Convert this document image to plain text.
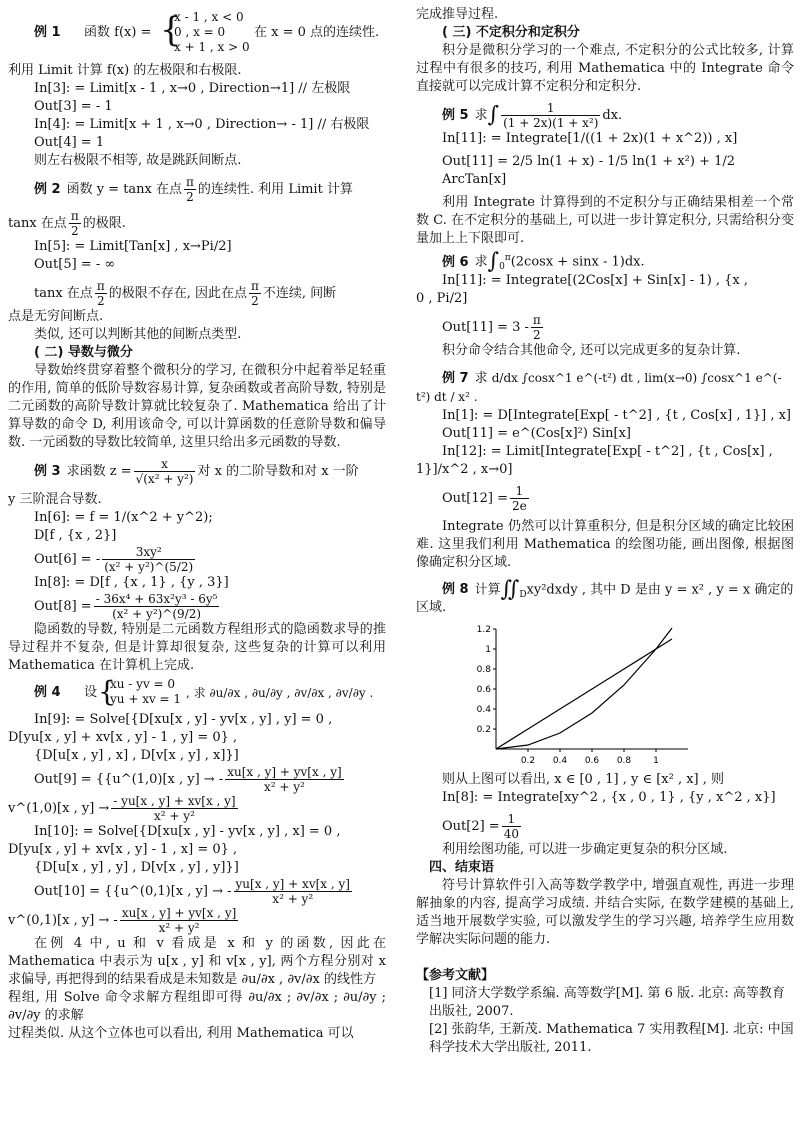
例 1 函数 f(x) = {
x - 1 , x < 0
0 , x = 0
x + 1 , x > 0
在 x = 0 点的连续性.

利用 Limit 计算 f(x) 的左极限和右极限.

In[3]: = Limit[x - 1 , x→0 , Direction→1] // 左极限

Out[3] = - 1

In[4]: = Limit[x + 1 , x→0 , Direction→ - 1] // 右极限

Out[4] = 1

则左右极限不相等, 故是跳跃间断点.

例 2 函数 y = tanx 在点 $\frac{\pi}{2}$ 的连续性. 利用 Limit 计算

tanx 在点 $\frac{\pi}{2}$ 的极限.

In[5]: = Limit[Tan[x] , x→Pi/2]

Out[5] = - ∞

tanx 在点 $\frac{\pi}{2}$ 的极限不存在, 因此在点 $\frac{\pi}{2}$ 不连续, 间断

点是无穷间断点.

类似, 还可以判断其他的间断点类型.

( 二) 导数与微分

导数始终贯穿着整个微积分的学习, 在微积分中起着举足轻重的作用, 简单的低阶导数容易计算, 复杂函数或者高阶导数, 特别是二元函数的高阶导数计算就比较复杂了. Mathematica 给出了计算导数的命令 D, 利用该命令, 可以计算函数的任意阶导数和偏导数. 一元函数的导数比较简单, 这里只给出多元函数的导数.

例 3 求函数 $z = \frac{x}{\text{√(x² + y²)}}$ 对 x 的二阶导数和对 x 一阶

y 三阶混合导数.

In[6]: = f = 1/(x^2 + y^2);

D[f , {x , 2}]

Out[6] = - $\frac{\text{3xy²}}{\text{(x² + y²)\textasciicircum{}(5/2)}}$

In[8]: = D[f , {x , 1} , {y , 3}]

$Out[8] = \frac{\text{- 36x⁴ + 63x²y³ - 6y⁵}}{\text{(x² + y²)\textasciicircum{}(9/2)}}$

隐函数的导数, 特别是二元函数方程组形式的隐函数求导的推导过程并不复杂, 但是计算却很复杂, 这些复杂的计算可以利用 Mathematica 在计算机上完成.

例 4 设 {
xu - yv = 0
yu + xv = 1 , 求 ∂u/∂x , ∂u/∂y , ∂v/∂x , ∂v/∂y .

In[9]: = Solve[{D[xu[x , y] - yv[x , y] , y] = 0 ,

D[yu[x , y] + xv[x , y] - 1 , y] = 0} ,

{D[u[x , y] , x] , D[v[x , y] , x]}]

Out[9] = {{u^(1,0)[x , y] → - $\frac{xu[x , y] + yv[x , y]}{\text{x² + y²}}$

v^(1,0)[x , $y] \to \frac{- yu[x , y] + xv[x , y]}{\text{x² + y²}}$

In[10]: = Solve[{D[xu[x , y] - yv[x , y] , x] = 0 ,

D[yu[x , y] + xv[x , y] - 1 , x] = 0} ,

{D[u[x , y] , y] , D[v[x , y] , y]}]

Out[10] = {{u^(0,1)[x , y] → - $\frac{yu[x , y] + xv[x , y]}{\text{x² + y²}}$

v^(0,1)[x , y] → - $\frac{xu[x , y] + yv[x , y]}{\text{x² + y²}}$

在例 4 中, u 和 v 看成是 x 和 y 的函数, 因此在 Mathematica 中表示为 u[x , y] 和 v[x , y], 两个方程分别对 x 求偏导, 再把得到的结果看成是未知数是 ∂u/∂x , ∂v/∂x 的线性方

程组, 用 Solve 命令求解方程组即可得 ∂u/∂x ; ∂v/∂x ; ∂u/∂y ; ∂v/∂y 的求解

过程类似. 从这个立体也可以看出, 利用 Mathematica 可以

完成推导过程.

( 三) 不定积分和定积分

积分是微积分学习的一个难点, 不定积分的公式比较多, 计算过程中有很多的技巧, 利用 Mathematica 中的 Integrate 命令直接就可以完成计算不定积分和定积分.

例 5 求∫ $\frac{1}{\text{(1 + 2x)(1 + x²)}}$ dx.

In[11]: = Integrate[1/((1 + 2x)(1 + x^2)) , x]

Out[11] = 2/5 ln(1 + x) - 1/5 ln(1 + x²) + 1/2 ArcTan[x]

利用 Integrate 计算得到的不定积分与正确结果相差一个常数 C. 在不定积分的基础上, 可以进一步计算定积分, 只需给积分变量加上上下限即可.

例 6 求$\int_0^\pi(2\cos x + \sin x - 1)dx$.

In[11]: = Integrate[(2Cos[x] + Sin[x] - 1) , {x ,

0 , Pi/2]

$Out[11] = 3 - \frac{\pi}{2}$

积分命令结合其他命令, 还可以完成更多的复杂计算.

例 7 求 d/dx ∫cosx^1 e^(-t²) dt , lim(x→0) ∫cosx^1 e^(-t²) dt / x² .

In[1]: = D[Integrate[Exp[ - t^2] , {t , Cos[x] , 1}] , x]

Out[11] = e^(Cos[x]²) Sin[x]

In[12]: = Limit[Integrate[Exp[ - t^2] , {t , Cos[x] ,

1}]/x^2 , x→0]

$Out[12] = \frac{1}{2e}$

Integrate 仍然可以计算重积分, 但是积分区域的确定比较困难. 这里我们利用 Mathematica 的绘图功能, 画出图像, 根据图像确定积分区域.

例 8 计算$∬_Dxy^2dxdy$ , 其中 D 是由 y = x² , y = x 确定的

区域.

0.2 0.4 0.6 0.8 1
0.2
0.4
0.6
0.8
1
1.2

则从上图可以看出, x ∈ [0 , 1] , y ∈ [x² , x] , 则

In[8]: = Integrate[xy^2 , {x , 0 , 1} , {y , x^2 , x}]

$Out[2] = \frac{1}{40}$

利用绘图功能, 可以进一步确定更复杂的积分区域.

四、结束语

符号计算软件引入高等数学教学中, 增强直观性, 再进一步理解抽象的内容, 提高学习成绩. 并结合实际, 在数学建模的基础上, 适当地开展数学实验, 可以激发学生的学习兴趣, 培养学生应用数学解决实际问题的能力.

【参考文献】

[1] 同济大学数学系编. 高等数学[M]. 第 6 版. 北京: 高等教育出版社, 2007.

[2] 张韵华, 王新茂. Mathematica 7 实用教程[M]. 北京: 中国科学技术大学出版社, 2011.
